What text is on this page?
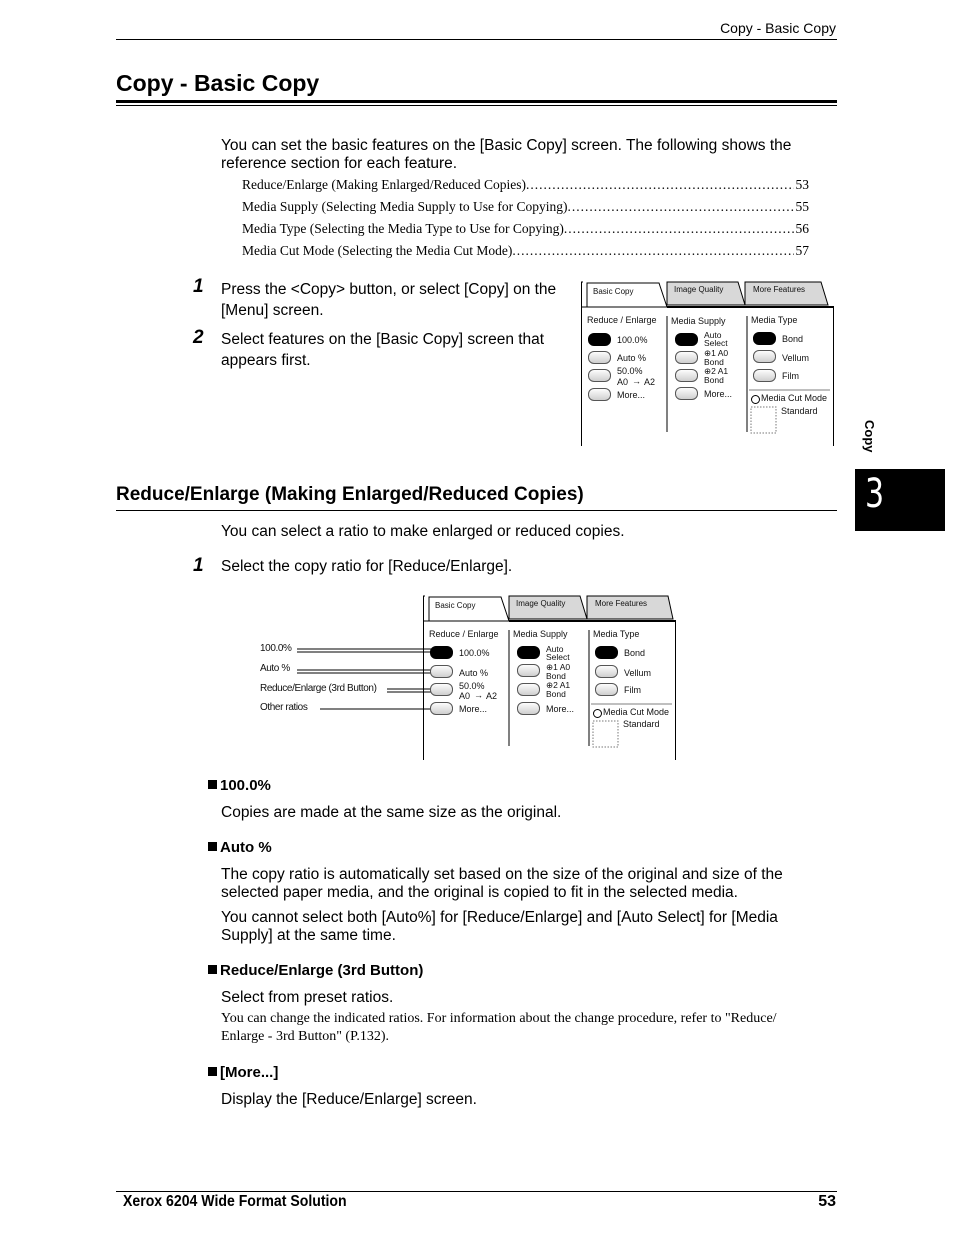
Copy - Basic Copy
Copy - Basic Copy
You can set the basic features on the [Basic Copy] screen. The following shows the reference section for each feature.
Reduce/Enlarge (Making Enlarged/Reduced Copies) .....	53
Media Supply (Selecting Media Supply to Use for Copying) .....	55
Media Type (Selecting the Media Type to Use for Copying) .....	56
Media Cut Mode (Selecting the Media Cut Mode) .....	57
1 Press the <Copy> button, or select [Copy] on the [Menu] screen.
2 Select features on the [Basic Copy] screen that appears first.
Basic Copy	Image Quality	More Features
Reduce / Enlarge Media Supply	Media Type
100.0%
Auto %
50.0%
A0 → A2
More...
Auto
Select
⊕1 A0
Bond
⊕2 A1
Bond
More...
Bond
Vellum
Film
Media Cut Mode
Standard
Copy
3
Reduce/Enlarge (Making Enlarged/Reduced Copies)
You can select a ratio to make enlarged or reduced copies.
1 Select the copy ratio for [Reduce/Enlarge].
100.0%
Auto %
Reduce/Enlarge (3rd Button)
Other ratios
Basic Copy	Image Quality	More Features
Reduce / Enlarge Media Supply	Media Type
100.0%
Auto %
50.0%
A0 → A2
More...
Auto
Select
⊕1 A0
Bond
⊕2 A1
Bond
More...
Bond
Vellum
Film
Media Cut Mode
Standard
100.0%
Copies are made at the same size as the original.
Auto %
The copy ratio is automatically set based on the size of the original and size of the selected paper media, and the original is copied to fit in the selected media.
You cannot select both [Auto%] for [Reduce/Enlarge] and [Auto Select] for [Media Supply] at the same time.
Reduce/Enlarge (3rd Button)
Select from preset ratios.
You can change the indicated ratios. For information about the change procedure, refer to "Reduce/ Enlarge - 3rd Button" (P.132).
[More...]
Display the [Reduce/Enlarge] screen.
Xerox 6204 Wide Format Solution	53
